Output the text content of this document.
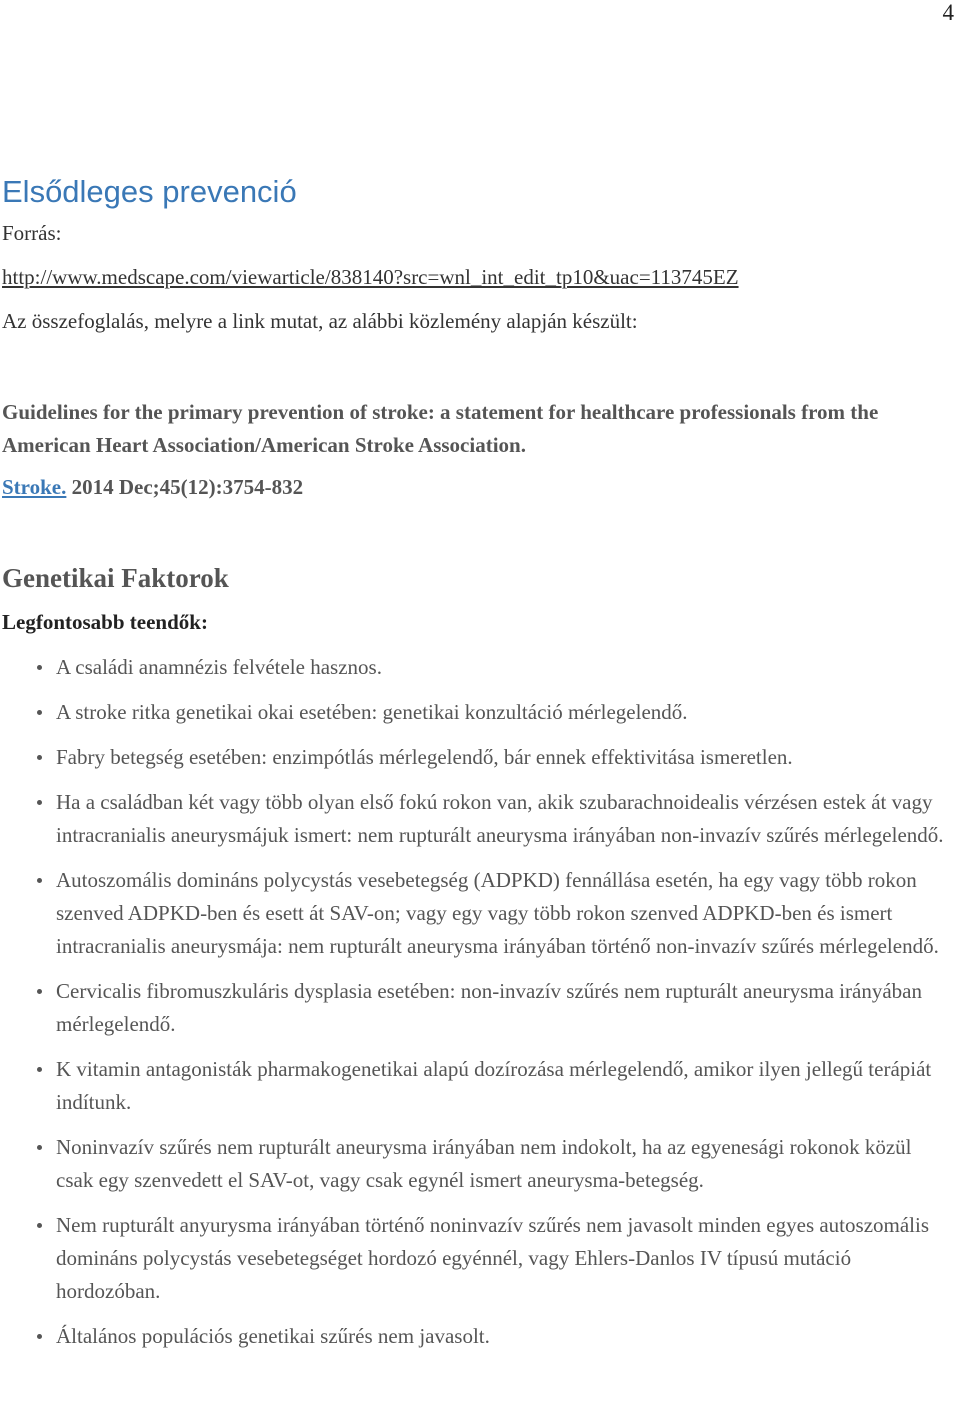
4
Elsődleges prevenció

Forrás:

http://www.medscape.com/viewarticle/838140?src=wnl_int_edit_tp10&uac=113745EZ

Az összefoglalás, melyre a link mutat, az alábbi közlemény alapján készült:

Guidelines for the primary prevention of stroke: a statement for healthcare professionals from the American Heart Association/American Stroke Association.

Stroke. 2014 Dec;45(12):3754-832

Genetikai Faktorok

Legfontosabb teendők:

A családi anamnézis felvétele hasznos.
A stroke ritka genetikai okai esetében: genetikai konzultáció mérlegelendő.
Fabry betegség esetében: enzimpótlás mérlegelendő, bár ennek effektivitása ismeretlen.
Ha a családban két vagy több olyan első fokú rokon van, akik szubarachnoidealis vérzésen estek át vagy intracranialis aneurysmájuk ismert: nem rupturált aneurysma irányában non-invazív szűrés mérlegelendő.
Autoszomális domináns polycystás vesebetegség (ADPKD) fennállása esetén, ha egy vagy több rokon szenved ADPKD-ben és esett át SAV-on; vagy egy vagy több rokon szenved ADPKD-ben és ismert intracranialis aneurysmája: nem rupturált aneurysma irányában történő non-invazív szűrés mérlegelendő.
Cervicalis fibromuszkuláris dysplasia esetében: non-invazív szűrés nem rupturált aneurysma irányában mérlegelendő.
K vitamin antagonisták pharmakogenetikai alapú dozírozása mérlegelendő, amikor ilyen jellegű terápiát indítunk.
Noninvazív szűrés nem rupturált aneurysma irányában nem indokolt, ha az egyenesági rokonok közül csak egy szenvedett el SAV-ot, vagy csak egynél ismert aneurysma-betegség.
Nem rupturált anyurysma irányában történő noninvazív szűrés nem javasolt minden egyes autoszomális domináns polycystás vesebetegséget hordozó egyénnél, vagy Ehlers-Danlos IV típusú mutáció hordozóban.
Általános populációs genetikai szűrés nem javasolt.
